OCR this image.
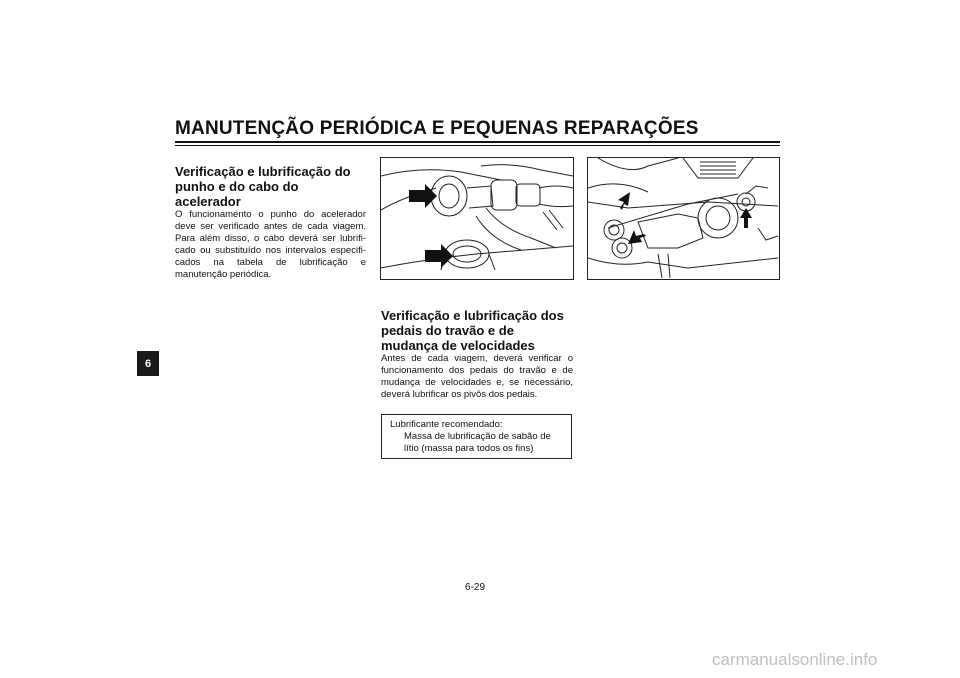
MANUTENÇÃO PERIÓDICA E PEQUENAS REPARAÇÕES
6
Verificação e lubrificação do punho e do cabo do acelerador

O funcionamento o punho do acelerador deve ser verificado antes de cada viagem. Para além disso, o cabo deverá ser lubrifi-cado ou substituído nos intervalos especifi-cados na tabela de lubrificação e manutenção periódica.

Verificação e lubrificação dos pedais do travão e de mudança de velocidades

Antes de cada viagem, deverá verificar o funcionamento dos pedais do travão e de mudança de velocidades e, se necessário, deverá lubrificar os pivôs dos pedais.

Lubrificante recomendado:
Massa de lubrificação de sabão de lítio (massa para todos os fins)
6-29
carmanualsonline.info
